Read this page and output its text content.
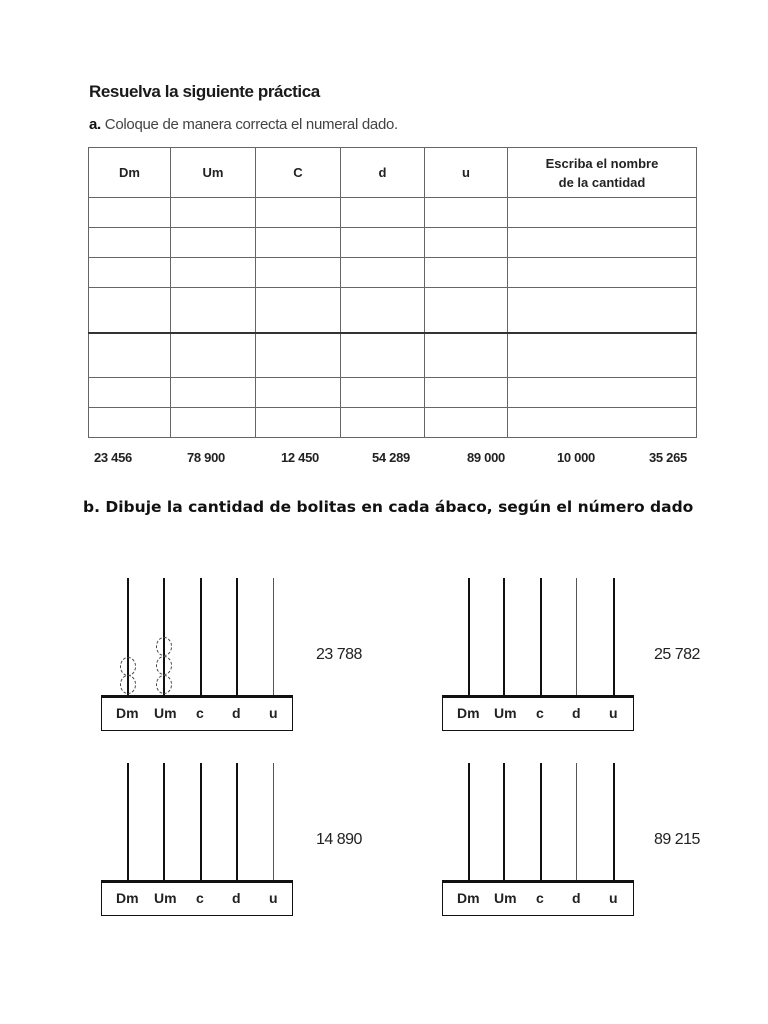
Resuelva la siguiente práctica
a. Coloque de manera correcta el numeral dado.
Dm	Um	C	d	u	Escriba el nombre
de la cantidad

23 456	78 900	12 450	54 289	89 000	10 000	35 265
b. Dibuje la cantidad de bolitas en cada ábaco, según el número dado
Dm Um c d u
23 788
Dm Um c d u
25 782
Dm Um c d u
14 890
Dm Um c d u
89 215
